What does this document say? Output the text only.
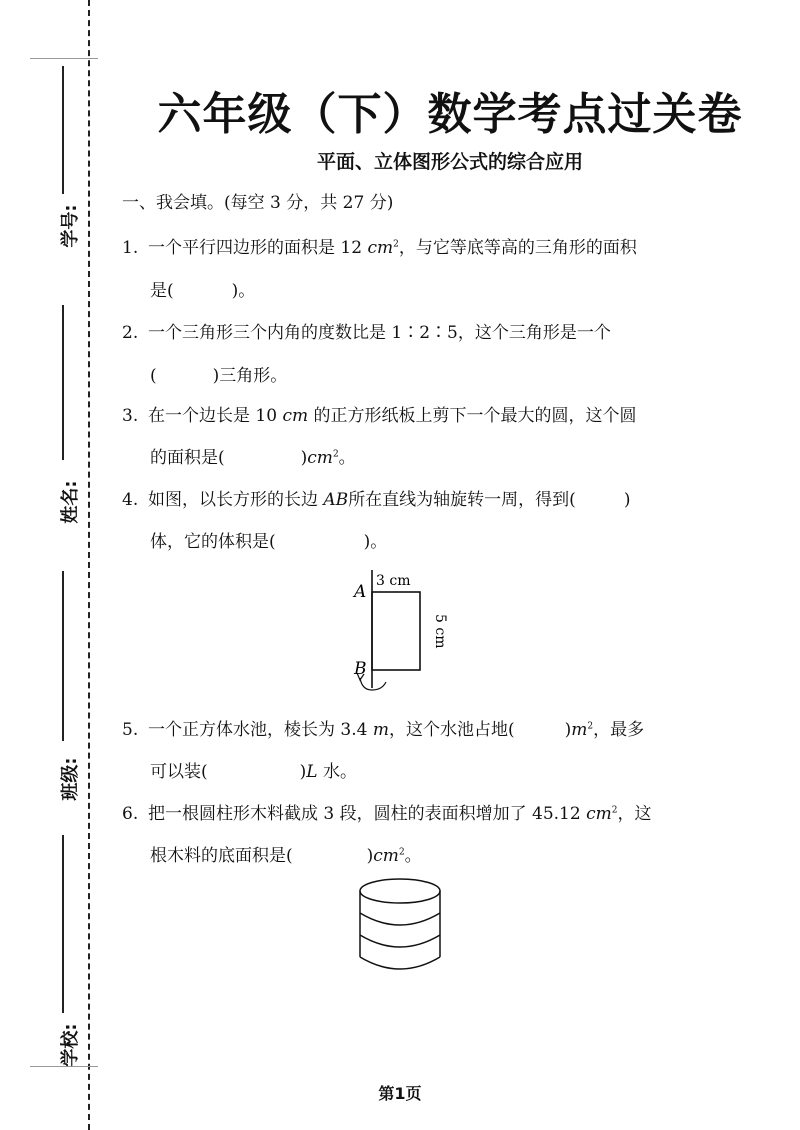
学号:
姓名:
班级:
学校:
六年级（下）数学考点过关卷
平面、立体图形公式的综合应用
一、我会填。(每空 3 分，共 27 分)
1. 一个平行四边形的面积是 12 $cm^2$，与它等底等高的三角形的面积
是(	)。
2. 一个三角形三个内角的度数比是 1∶2∶5，这个三角形是一个
(	)三角形。
3. 在一个边长是 10 cm 的正方形纸板上剪下一个最大的圆，这个圆
的面积是(	)$cm^2$。
4. 如图，以长方形的长边 AB所在直线为轴旋转一周，得到(	)
体，它的体积是(	)。
A
B
3 cm
5 cm
5. 一个正方体水池，棱长为 3.4 m，这个水池占地(	)$m^2$，最多
可以装(	)L 水。
6. 把一根圆柱形木料截成 3 段，圆柱的表面积增加了 45.12 $cm^2$，这
根木料的底面积是(	)$cm^2$。
第1页
